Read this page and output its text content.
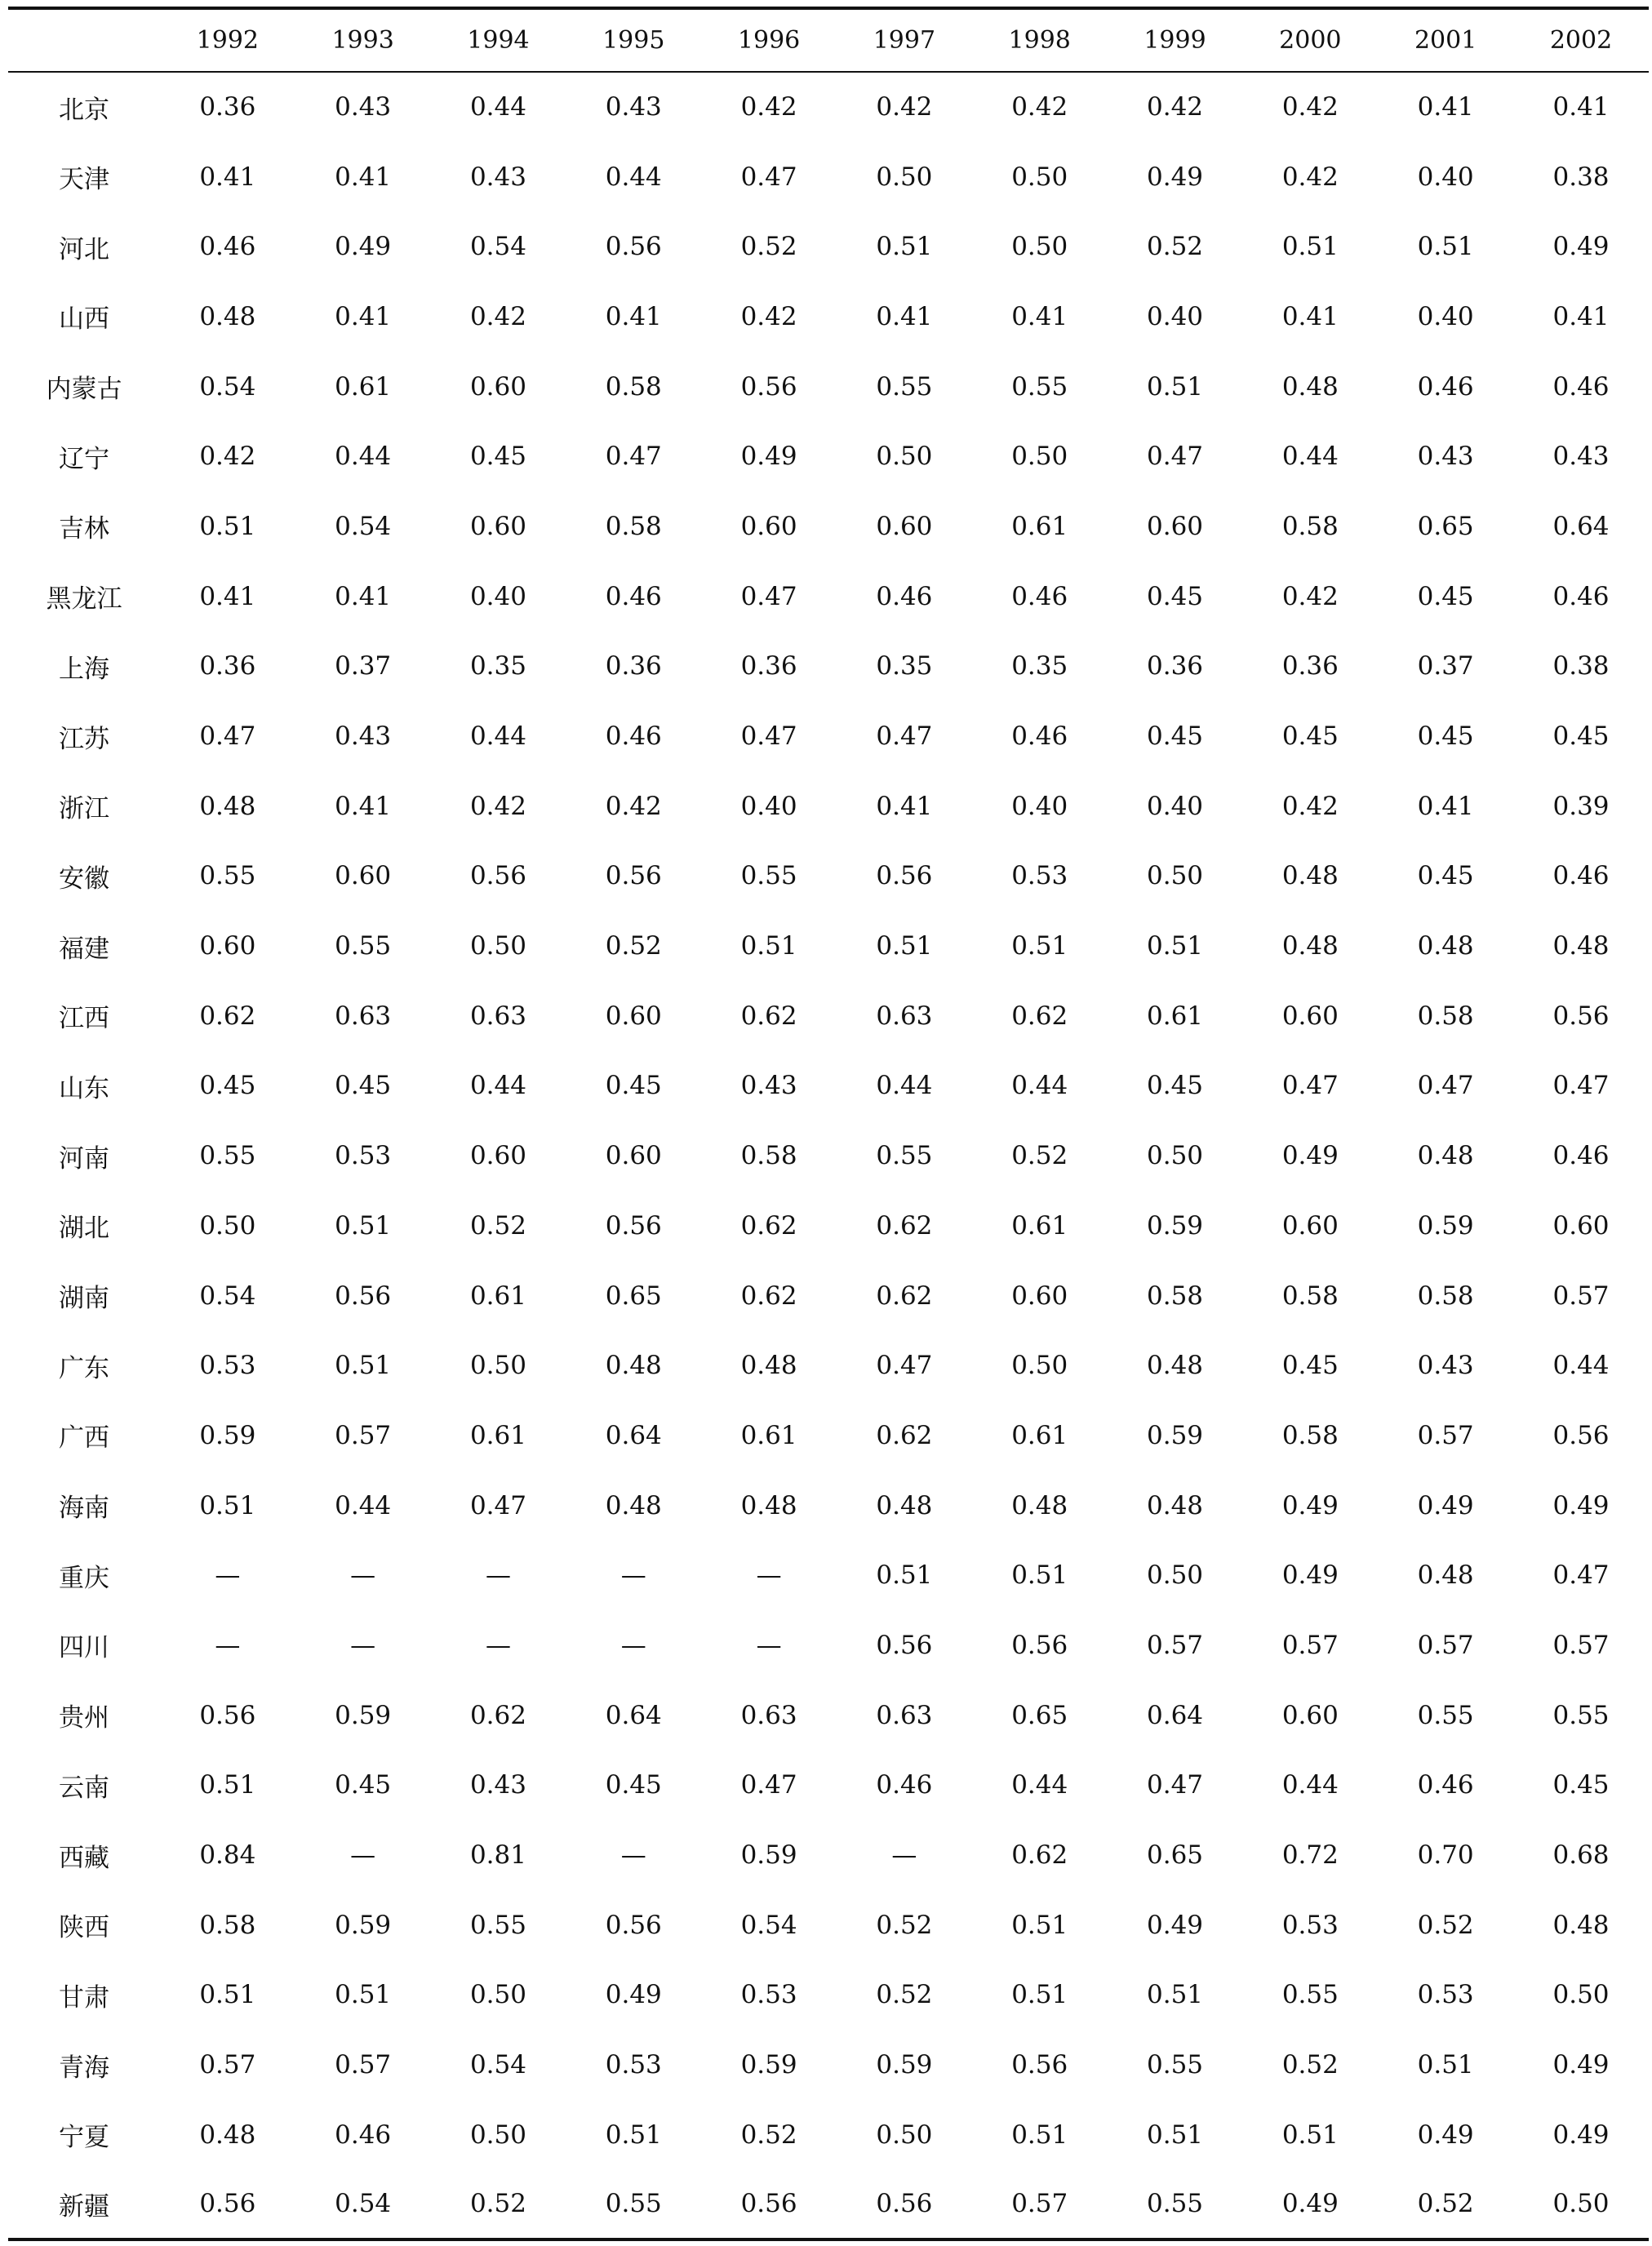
	1992	1993	1994	1995	1996	1997	1998	1999	2000	2001	2002
北京	0.36	0.43	0.44	0.43	0.42	0.42	0.42	0.42	0.42	0.41	0.41
天津	0.41	0.41	0.43	0.44	0.47	0.50	0.50	0.49	0.42	0.40	0.38
河北	0.46	0.49	0.54	0.56	0.52	0.51	0.50	0.52	0.51	0.51	0.49
山西	0.48	0.41	0.42	0.41	0.42	0.41	0.41	0.40	0.41	0.40	0.41
内蒙古	0.54	0.61	0.60	0.58	0.56	0.55	0.55	0.51	0.48	0.46	0.46
辽宁	0.42	0.44	0.45	0.47	0.49	0.50	0.50	0.47	0.44	0.43	0.43
吉林	0.51	0.54	0.60	0.58	0.60	0.60	0.61	0.60	0.58	0.65	0.64
黑龙江	0.41	0.41	0.40	0.46	0.47	0.46	0.46	0.45	0.42	0.45	0.46
上海	0.36	0.37	0.35	0.36	0.36	0.35	0.35	0.36	0.36	0.37	0.38
江苏	0.47	0.43	0.44	0.46	0.47	0.47	0.46	0.45	0.45	0.45	0.45
浙江	0.48	0.41	0.42	0.42	0.40	0.41	0.40	0.40	0.42	0.41	0.39
安徽	0.55	0.60	0.56	0.56	0.55	0.56	0.53	0.50	0.48	0.45	0.46
福建	0.60	0.55	0.50	0.52	0.51	0.51	0.51	0.51	0.48	0.48	0.48
江西	0.62	0.63	0.63	0.60	0.62	0.63	0.62	0.61	0.60	0.58	0.56
山东	0.45	0.45	0.44	0.45	0.43	0.44	0.44	0.45	0.47	0.47	0.47
河南	0.55	0.53	0.60	0.60	0.58	0.55	0.52	0.50	0.49	0.48	0.46
湖北	0.50	0.51	0.52	0.56	0.62	0.62	0.61	0.59	0.60	0.59	0.60
湖南	0.54	0.56	0.61	0.65	0.62	0.62	0.60	0.58	0.58	0.58	0.57
广东	0.53	0.51	0.50	0.48	0.48	0.47	0.50	0.48	0.45	0.43	0.44
广西	0.59	0.57	0.61	0.64	0.61	0.62	0.61	0.59	0.58	0.57	0.56
海南	0.51	0.44	0.47	0.48	0.48	0.48	0.48	0.48	0.49	0.49	0.49
重庆	—	—	—	—	—	0.51	0.51	0.50	0.49	0.48	0.47
四川	—	—	—	—	—	0.56	0.56	0.57	0.57	0.57	0.57
贵州	0.56	0.59	0.62	0.64	0.63	0.63	0.65	0.64	0.60	0.55	0.55
云南	0.51	0.45	0.43	0.45	0.47	0.46	0.44	0.47	0.44	0.46	0.45
西藏	0.84	—	0.81	—	0.59	—	0.62	0.65	0.72	0.70	0.68
陕西	0.58	0.59	0.55	0.56	0.54	0.52	0.51	0.49	0.53	0.52	0.48
甘肃	0.51	0.51	0.50	0.49	0.53	0.52	0.51	0.51	0.55	0.53	0.50
青海	0.57	0.57	0.54	0.53	0.59	0.59	0.56	0.55	0.52	0.51	0.49
宁夏	0.48	0.46	0.50	0.51	0.52	0.50	0.51	0.51	0.51	0.49	0.49
新疆	0.56	0.54	0.52	0.55	0.56	0.56	0.57	0.55	0.49	0.52	0.50
